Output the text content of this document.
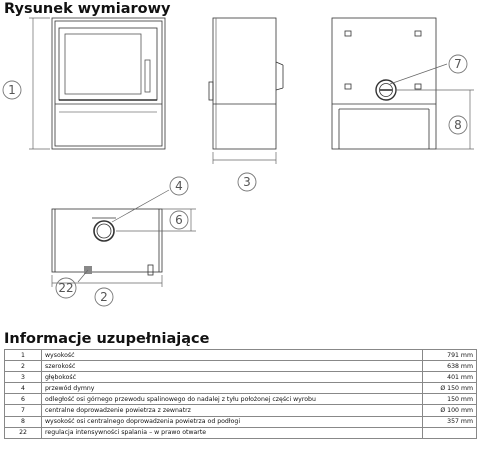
Rysunek wymiarowy
1
3
2
4
6
7
8
22
Informacje uzupełniające
1	wysokość	791 mm
2	szerokość	638 mm
3	głębokość	401 mm
4	przewód dymny	Ø 150 mm
6	odległość osi górnego przewodu spalinowego do nadalej z tyłu położonej części wyrobu	150 mm
7	centralne doprowadzenie powietrza z zewnatrz	Ø 100 mm
8	wysokość osi centralnego doprowadzenia powietrza od podłogi	357 mm
22	regulacja intensywności spalania – w prawo otwarte	
